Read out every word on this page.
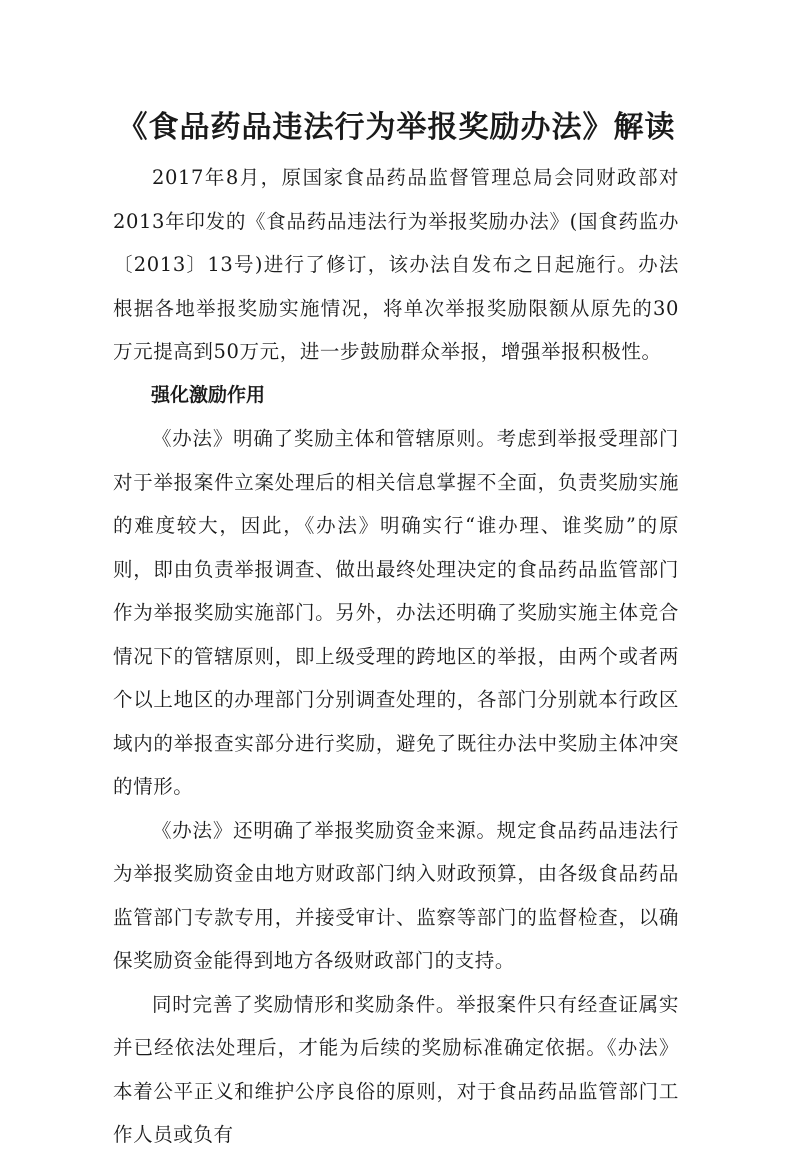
《食品药品违法行为举报奖励办法》解读

2017年8月，原国家食品药品监督管理总局会同财政部对2013年印发的《食品药品违法行为举报奖励办法》(国食药监办〔2013〕13号)进行了修订，该办法自发布之日起施行。办法根据各地举报奖励实施情况，将单次举报奖励限额从原先的30万元提高到50万元，进一步鼓励群众举报，增强举报积极性。

强化激励作用

《办法》明确了奖励主体和管辖原则。考虑到举报受理部门对于举报案件立案处理后的相关信息掌握不全面，负责奖励实施的难度较大，因此，《办法》明确实行“谁办理、谁奖励”的原则，即由负责举报调查、做出最终处理决定的食品药品监管部门作为举报奖励实施部门。另外，办法还明确了奖励实施主体竞合情况下的管辖原则，即上级受理的跨地区的举报，由两个或者两个以上地区的办理部门分别调查处理的，各部门分别就本行政区域内的举报查实部分进行奖励，避免了既往办法中奖励主体冲突的情形。

《办法》还明确了举报奖励资金来源。规定食品药品违法行为举报奖励资金由地方财政部门纳入财政预算，由各级食品药品监管部门专款专用，并接受审计、监察等部门的监督检查，以确保奖励资金能得到地方各级财政部门的支持。

同时完善了奖励情形和奖励条件。举报案件只有经查证属实并已经依法处理后，才能为后续的奖励标准确定依据。《办法》本着公平正义和维护公序良俗的原则，对于食品药品监管部门工作人员或负有
